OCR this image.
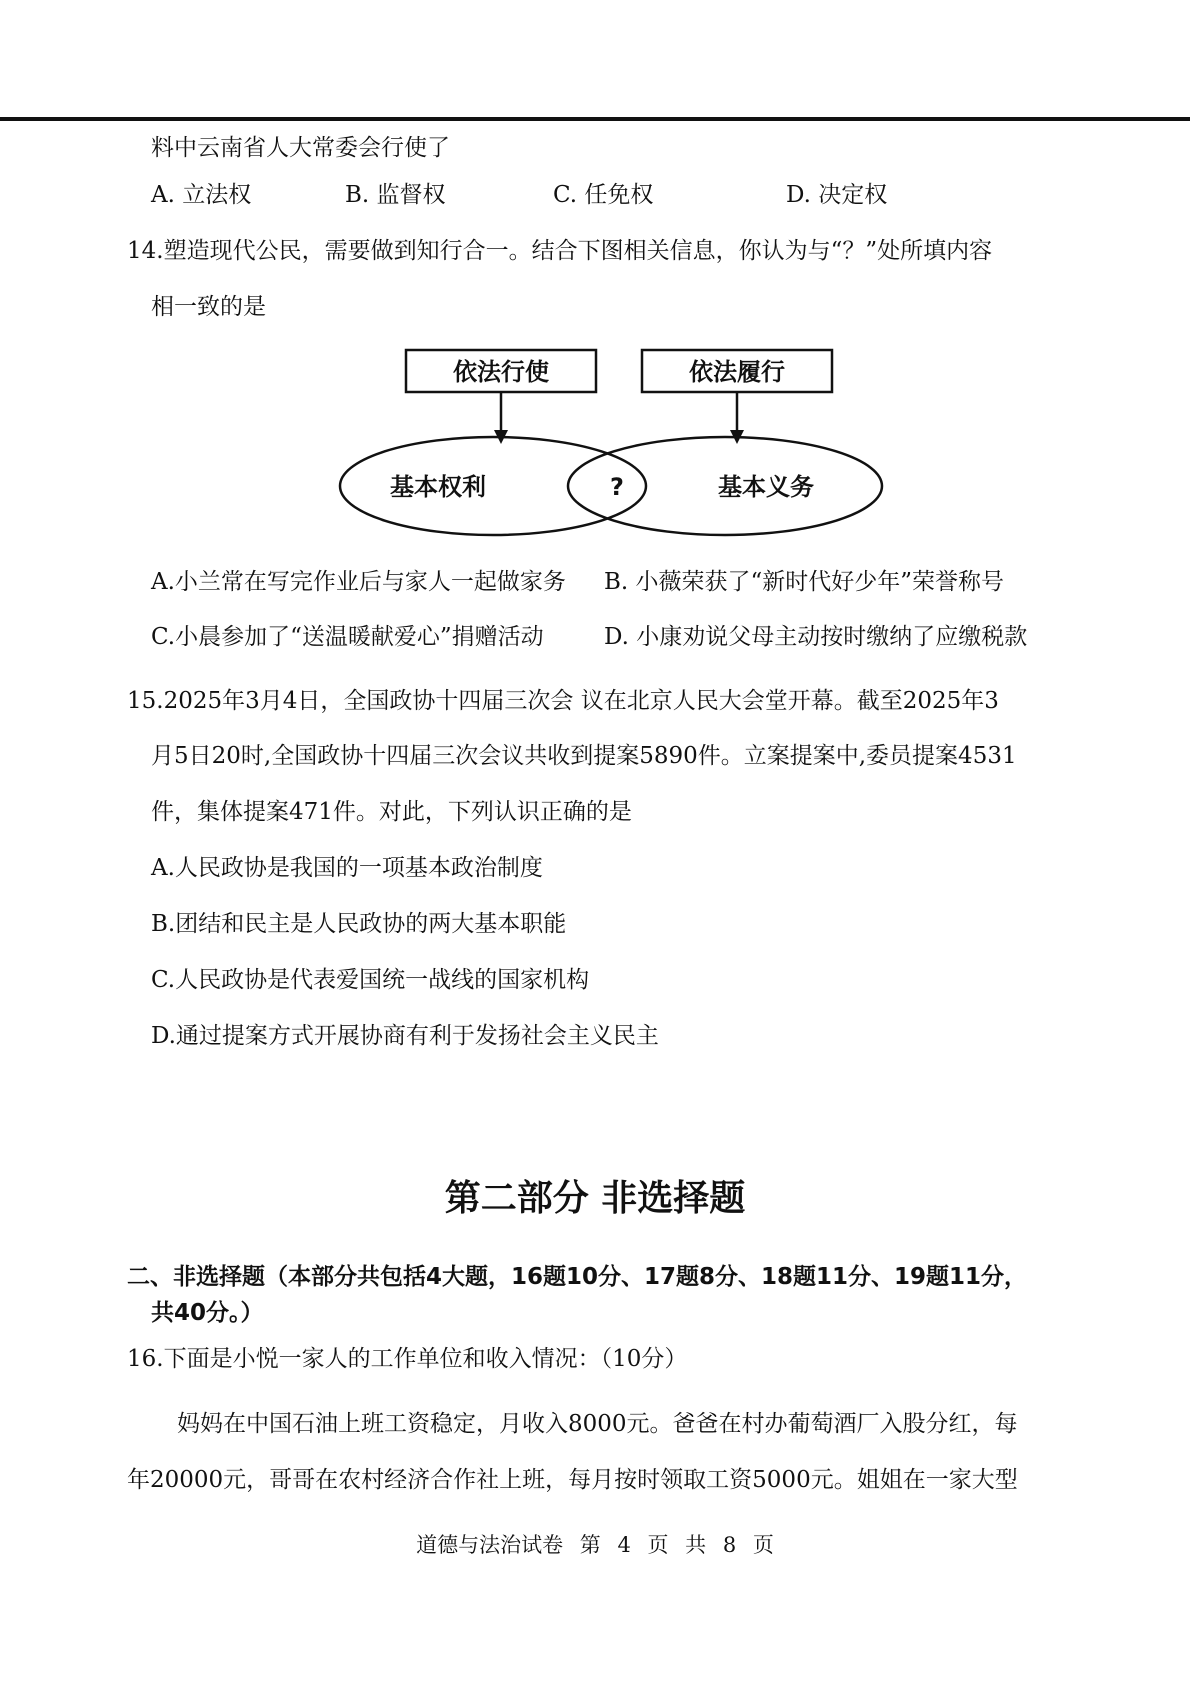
料中云南省人大常委会行使了
A. 立法权	B. 监督权	C. 任免权	D. 决定权
14.塑造现代公民，需要做到知行合一。结合下图相关信息，你认为与“？”处所填内容
相一致的是
依法行使	依法履行
基本权利	基本义务
?
A.小兰常在写完作业后与家人一起做家务 B. 小薇荣获了“新时代好少年”荣誉称号
C.小晨参加了“送温暖献爱心”捐赠活动	D. 小康劝说父母主动按时缴纳了应缴税款
15.2025年3月4日，全国政协十四届三次会 议在北京人民大会堂开幕。截至2025年3
月5日20时,全国政协十四届三次会议共收到提案5890件。立案提案中,委员提案4531
件，集体提案471件。对此，下列认识正确的是
A.人民政协是我国的一项基本政治制度
B.团结和民主是人民政协的两大基本职能
C.人民政协是代表爱国统一战线的国家机构
D.通过提案方式开展协商有利于发扬社会主义民主
第二部分 非选择题
二、非选择题（本部分共包括4大题，16题10分、17题8分、18题11分、19题11分，
共40分。）
16.下面是小悦一家人的工作单位和收入情况：（10分）
妈妈在中国石油上班工资稳定，月收入8000元。爸爸在村办葡萄酒厂入股分红，每
年20000元，哥哥在农村经济合作社上班，每月按时领取工资5000元。姐姐在一家大型
道德与法治试卷 第 4 页 共 8 页
